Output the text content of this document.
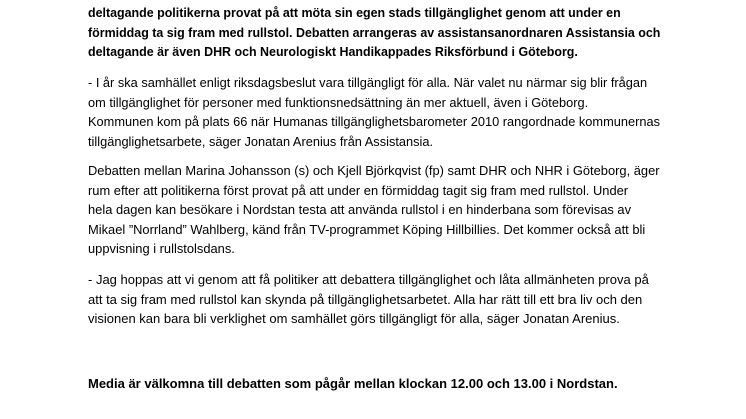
deltagande politikerna provat på att möta sin egen stads tillgänglighet genom att under en förmiddag ta sig fram med rullstol. Debatten arrangeras av assistansanordnaren Assistansia och deltagande är även DHR och Neurologiskt Handikappades Riksförbund i Göteborg.

- I år ska samhället enligt riksdagsbeslut vara tillgängligt för alla. När valet nu närmar sig blir frågan om tillgänglighet för personer med funktionsnedsättning än mer aktuell, även i Göteborg. Kommunen kom på plats 66 när Humanas tillgänglighetsbarometer 2010 rangordnade kommunernas tillgänglighetsarbete, säger Jonatan Arenius från Assistansia.

Debatten mellan Marina Johansson (s) och Kjell Björkqvist (fp) samt DHR och NHR i Göteborg, äger rum efter att politikerna först provat på att under en förmiddag tagit sig fram med rullstol. Under hela dagen kan besökare i Nordstan testa att använda rullstol i en hinderbana som förevisas av Mikael ”Norrland” Wahlberg, känd från TV-programmet Köping Hillbillies. Det kommer också att bli uppvisning i rullstolsdans.

- Jag hoppas att vi genom att få politiker att debattera tillgänglighet och låta allmänheten prova på
att ta sig fram med rullstol kan skynda på tillgänglighetsarbetet. Alla har rätt till ett bra liv och den
visionen kan bara bli verklighet om samhället görs tillgängligt för alla, säger Jonatan Arenius.

Media är välkomna till debatten som pågår mellan klockan 12.00 och 13.00 i Nordstan.
